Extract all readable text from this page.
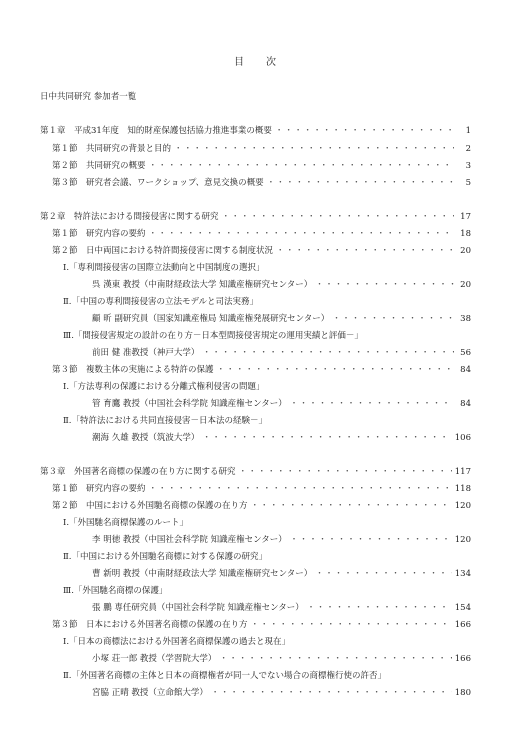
目　次
日中共同研究 参加者一覧
第１章　平成31年度　知的財産保護包括協力推進事業の概要 ・・・・・・・・・・・・・・・・・・・・・・・・・・・・・・・・・・・・・・・・・・・・・・・・・・・・・・・・・・・・・・・・・・・・・・・・・	1
第１節　共同研究の背景と目的 ・・・・・・・・・・・・・・・・・・・・・・・・・・・・・・・・・・・・・・・・・・・・・・・・・・・・・・・・・・・・・・・・・・・・・・・・・	2
第２節　共同研究の概要 ・・・・・・・・・・・・・・・・・・・・・・・・・・・・・・・・・・・・・・・・・・・・・・・・・・・・・・・・・・・・・・・・・・・・・・・・・	3
第３節　研究者会議、ワークショップ、意見交換の概要 ・・・・・・・・・・・・・・・・・・・・・・・・・・・・・・・・・・・・・・・・・・・・・・・・・・・・・・・・・・・・・・・・・・・・・・・・・	5
第２章　特許法における間接侵害に関する研究 ・・・・・・・・・・・・・・・・・・・・・・・・・・・・・・・・・・・・・・・・・・・・・・・・・・・・・・・・・・・・・・・・・・・・・・・・・	17
第１節　研究内容の要約 ・・・・・・・・・・・・・・・・・・・・・・・・・・・・・・・・・・・・・・・・・・・・・・・・・・・・・・・・・・・・・・・・・・・・・・・・・	18
第２節　日中両国における特許間接侵害に関する制度状況 ・・・・・・・・・・・・・・・・・・・・・・・・・・・・・・・・・・・・・・・・・・・・・・・・・・・・・・・・・・・・・・・・・・・・・・・・・	20
Ⅰ.「専利間接侵害の国際立法動向と中国制度の選択」
呉 漢東 教授（中南財経政法大学 知識産権研究センター） ・・・・・・・・・・・・・・・・・・・・・・・・・・・・・・・・・・・・・・・・・・・・・・・・・・・・・・・・・・・・・・・・・・・・・・・・・	20
Ⅱ.「中国の専利間接侵害の立法モデルと司法実務」
顧 昕 副研究員（国家知識産権局 知識産権発展研究センター） ・・・・・・・・・・・・・・・・・・・・・・・・・・・・・・・・・・・・・・・・・・・・・・・・・・・・・・・・・・・・・・・・・・・・・・・・・	38
Ⅲ.「間接侵害規定の設計の在り方－日本型間接侵害規定の運用実績と評価－」
前田 健 准教授（神戸大学） ・・・・・・・・・・・・・・・・・・・・・・・・・・・・・・・・・・・・・・・・・・・・・・・・・・・・・・・・・・・・・・・・・・・・・・・・・	56
第３節　複数主体の実施による特許の保護 ・・・・・・・・・・・・・・・・・・・・・・・・・・・・・・・・・・・・・・・・・・・・・・・・・・・・・・・・・・・・・・・・・・・・・・・・・	84
Ⅰ.「方法専利の保護における分離式権利侵害の問題」
管 育鷹 教授（中国社会科学院 知識産権センター） ・・・・・・・・・・・・・・・・・・・・・・・・・・・・・・・・・・・・・・・・・・・・・・・・・・・・・・・・・・・・・・・・・・・・・・・・・	84
Ⅱ.「特許法における共同直接侵害－日本法の経験－」
潮海 久雄 教授（筑波大学） ・・・・・・・・・・・・・・・・・・・・・・・・・・・・・・・・・・・・・・・・・・・・・・・・・・・・・・・・・・・・・・・・・・・・・・・・・	106
第３章　外国著名商標の保護の在り方に関する研究 ・・・・・・・・・・・・・・・・・・・・・・・・・・・・・・・・・・・・・・・・・・・・・・・・・・・・・・・・・・・・・・・・・・・・・・・・・	117
第１節　研究内容の要約 ・・・・・・・・・・・・・・・・・・・・・・・・・・・・・・・・・・・・・・・・・・・・・・・・・・・・・・・・・・・・・・・・・・・・・・・・・	118
第２節　中国における外国馳名商標の保護の在り方 ・・・・・・・・・・・・・・・・・・・・・・・・・・・・・・・・・・・・・・・・・・・・・・・・・・・・・・・・・・・・・・・・・・・・・・・・・	120
Ⅰ.「外国馳名商標保護のルート」
李 明徳 教授（中国社会科学院 知識産権センター） ・・・・・・・・・・・・・・・・・・・・・・・・・・・・・・・・・・・・・・・・・・・・・・・・・・・・・・・・・・・・・・・・・・・・・・・・・	120
Ⅱ.「中国における外国馳名商標に対する保護の研究」
曹 新明 教授（中南財経政法大学 知識産権研究センター） ・・・・・・・・・・・・・・・・・・・・・・・・・・・・・・・・・・・・・・・・・・・・・・・・・・・・・・・・・・・・・・・・・・・・・・・・・	134
Ⅲ.「外国馳名商標の保護」
張 鵬 専任研究員（中国社会科学院 知識産権センター） ・・・・・・・・・・・・・・・・・・・・・・・・・・・・・・・・・・・・・・・・・・・・・・・・・・・・・・・・・・・・・・・・・・・・・・・・・	154
第３節　日本における外国著名商標の保護の在り方 ・・・・・・・・・・・・・・・・・・・・・・・・・・・・・・・・・・・・・・・・・・・・・・・・・・・・・・・・・・・・・・・・・・・・・・・・・	166
Ⅰ.「日本の商標法における外国著名商標保護の過去と現在」
小塚 荘一郎 教授（学習院大学） ・・・・・・・・・・・・・・・・・・・・・・・・・・・・・・・・・・・・・・・・・・・・・・・・・・・・・・・・・・・・・・・・・・・・・・・・・	166
Ⅱ.「外国著名商標の主体と日本の商標権者が同一人でない場合の商標権行使の許否」
宮脇 正晴 教授（立命館大学） ・・・・・・・・・・・・・・・・・・・・・・・・・・・・・・・・・・・・・・・・・・・・・・・・・・・・・・・・・・・・・・・・・・・・・・・・・	180
